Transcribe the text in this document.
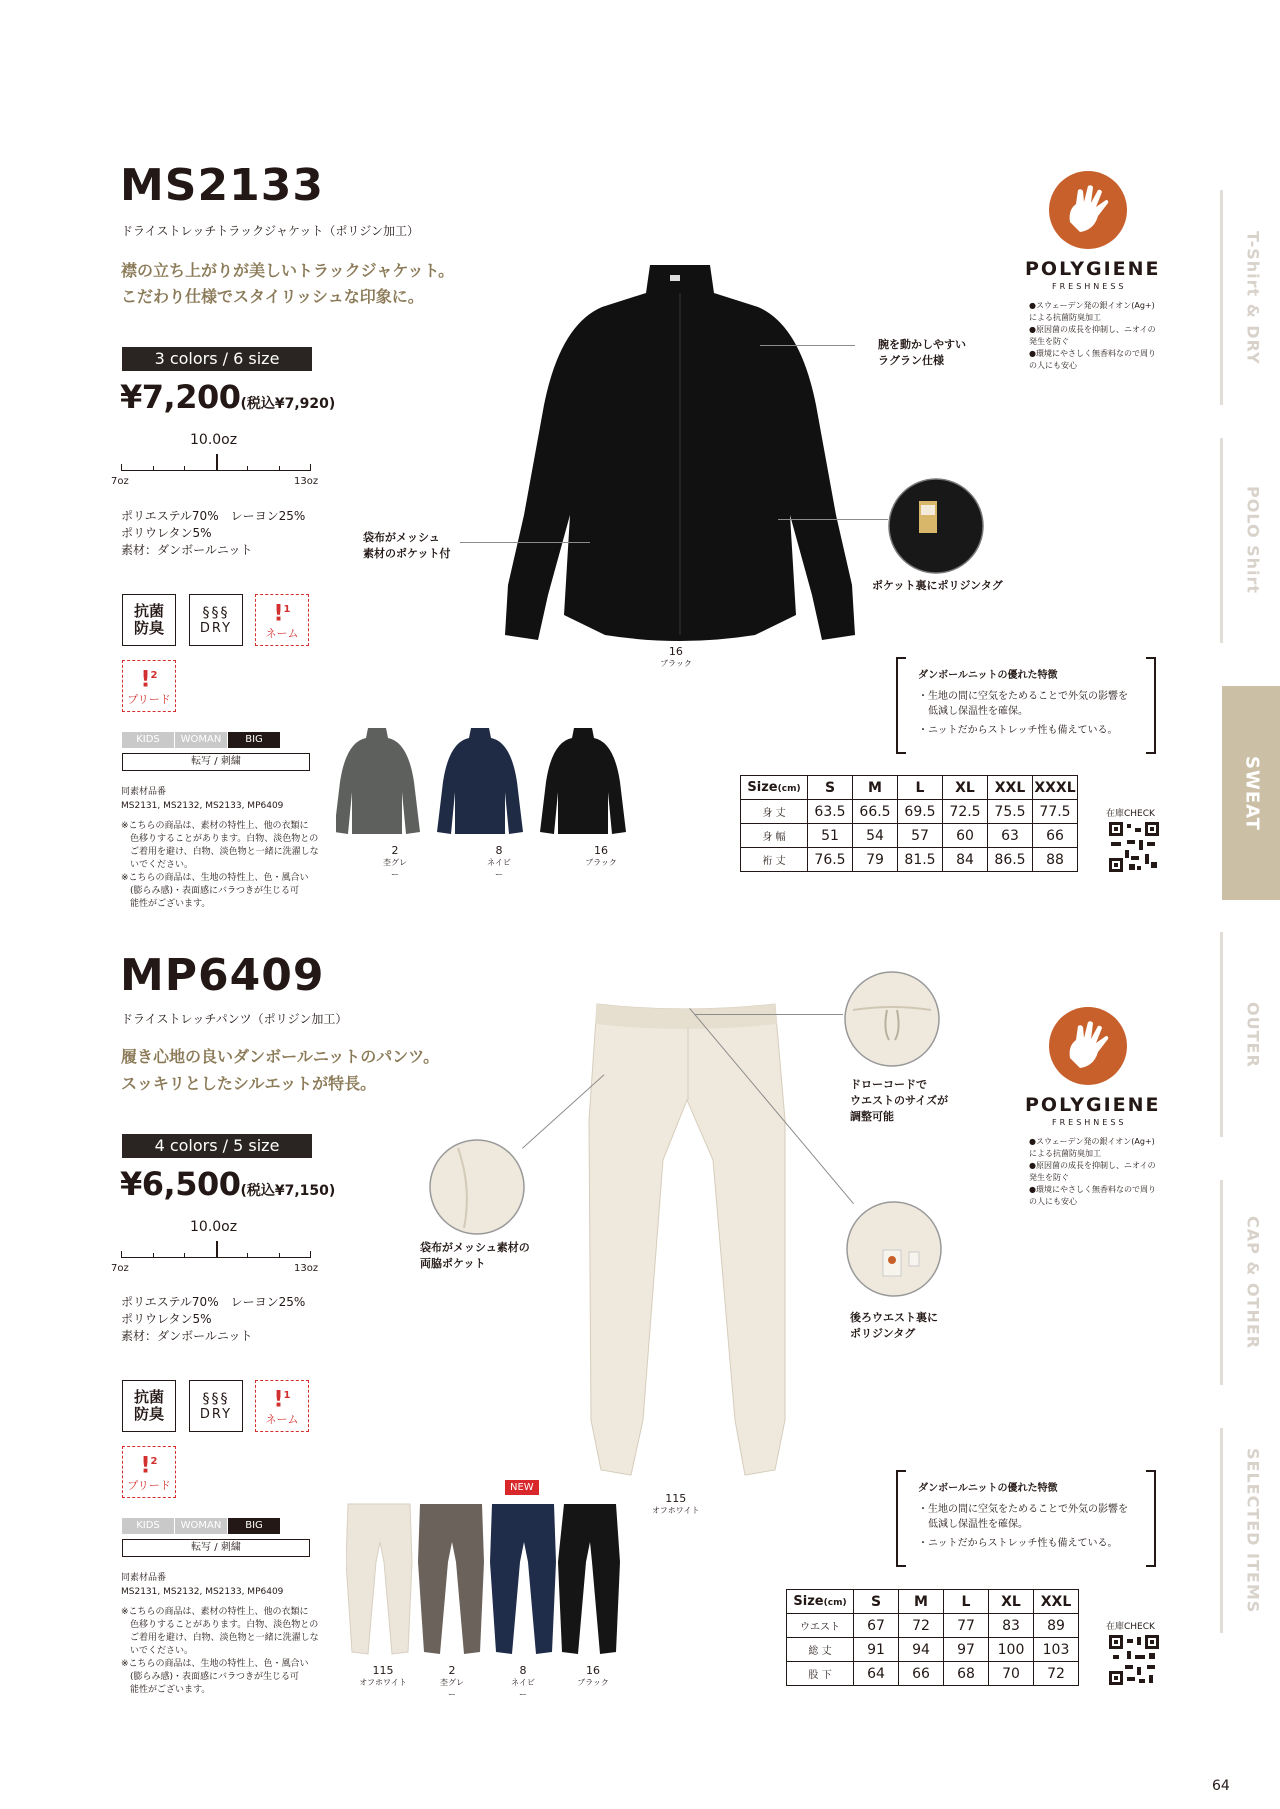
T-Shirt & DRY
POLO Shirt
SWEAT
OUTER
CAP & OTHER
SELECTED ITEMS
MS2133
ドライストレッチトラックジャケット（ポリジン加工）
襟の立ち上がりが美しいトラックジャケット。
こだわり仕様でスタイリッシュな印象に。
3 colors / 6 size
¥7,200(税込¥7,920)
10.0oz
7oz	13oz
ポリエステル70%　レーヨン25%
ポリウレタン5%
素材：ダンボールニット
抗菌
防臭
§§§
DRY
!$^1$
ネーム
!$^2$
プリード
KIDS	WOMAN	BIG
転写 / 刺繍
同素材品番
MS2131, MS2132, MS2133, MP6409
※こちらの商品は、素材の特性上、他の衣類に
　色移りすることがあります。白物、淡色物との
　ご着用を避け、白物、淡色物と一緒に洗濯しな
　いでください。
※こちらの商品は、生地の特性上、色・風合い
　(膨らみ感)・表面感にバラつきが生じる可
　能性がございます。
16
ブラック
腕を動かしやすい
ラグラン仕様
袋布がメッシュ
素材のポケット付
ポケット裏にポリジンタグ
POLYGIENE
FRESHNESS
●スウェーデン発の銀イオン(Ag+)
による抗菌防臭加工
●原因菌の成長を抑制し、ニオイの
発生を防ぐ
●環境にやさしく無香料なので周り
の人にも安心
2
杢グレー
8
ネイビー
16
ブラック
ダンボールニットの優れた特徴
・生地の間に空気をためることで外気の影響を
　低減し保温性を確保。
・ニットだからストレッチ性も備えている。
Size(cm)	S	M	L	XL	XXL	XXXL
身 丈	63.5	66.5	69.5	72.5	75.5	77.5
身 幅	51	54	57	60	63	66
裄 丈	76.5	79	81.5	84	86.5	88
在庫CHECK
MP6409
ドライストレッチパンツ（ポリジン加工）
履き心地の良いダンボールニットのパンツ。
スッキリとしたシルエットが特長。
4 colors / 5 size
¥6,500(税込¥7,150)
10.0oz
7oz	13oz
ポリエステル70%　レーヨン25%
ポリウレタン5%
素材：ダンボールニット
抗菌
防臭
§§§
DRY
!$^1$
ネーム
!$^2$
プリード
KIDS	WOMAN	BIG
転写 / 刺繍
同素材品番
MS2131, MS2132, MS2133, MP6409
※こちらの商品は、素材の特性上、他の衣類に
　色移りすることがあります。白物、淡色物との
　ご着用を避け、白物、淡色物と一緒に洗濯しな
　いでください。
※こちらの商品は、生地の特性上、色・風合い
　(膨らみ感)・表面感にバラつきが生じる可
　能性がございます。
115
オフホワイト
ドローコードで
ウエストのサイズが
調整可能
袋布がメッシュ素材の
両脇ポケット
後ろウエスト裏に
ポリジンタグ
POLYGIENE
FRESHNESS
●スウェーデン発の銀イオン(Ag+)
による抗菌防臭加工
●原因菌の成長を抑制し、ニオイの
発生を防ぐ
●環境にやさしく無香料なので周り
の人にも安心
NEW
115
オフホワイト
2
杢グレー
8
ネイビー
16
ブラック
ダンボールニットの優れた特徴
・生地の間に空気をためることで外気の影響を
　低減し保温性を確保。
・ニットだからストレッチ性も備えている。
Size(cm)	S	M	L	XL	XXL
ウエスト	67	72	77	83	89
総 丈	91	94	97	100	103
股 下	64	66	68	70	72
在庫CHECK
64
